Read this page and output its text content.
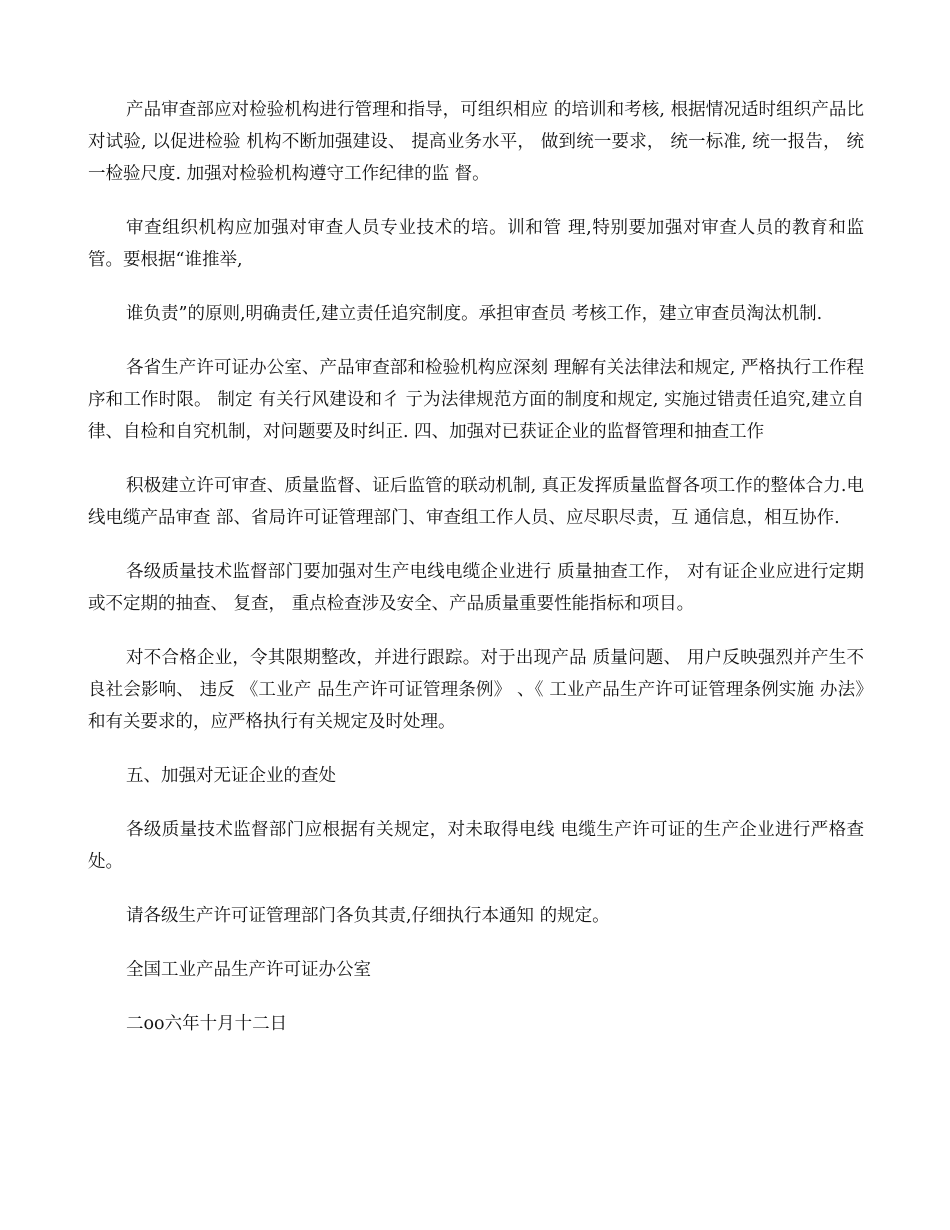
产品审查部应对检验机构进行管理和指导，可组织相应 的培训和考核, 根据情况适时组织产品比对试验, 以促进检验 机构不断加强建设、 提高业务水平， 做到统一要求， 统一标准, 统一报告， 统一检验尺度. 加强对检验机构遵守工作纪律的监 督。

审查组织机构应加强对审查人员专业技术的培。训和管 理,特别要加强对审查人员的教育和监管。要根据“谁推举,

谁负责”的原则,明确责任,建立责任追究制度。承担审查员 考核工作，建立审查员淘汰机制.

各省生产许可证办公室、产品审查部和检验机构应深刻 理解有关法律法和规定, 严格执行工作程序和工作时限。 制定 有关行风建设和彳 亍为法律规范方面的制度和规定, 实施过错责任追究,建立自律、自检和自究机制，对问题要及时纠正. 四、加强对已获证企业的监督管理和抽查工作

积极建立许可审查、质量监督、证后监管的联动机制, 真正发挥质量监督各项工作的整体合力.电线电缆产品审查 部、省局许可证管理部门、审查组工作人员、应尽职尽责，互 通信息，相互协作.

各级质量技术监督部门要加强对生产电线电缆企业进行 质量抽查工作， 对有证企业应进行定期或不定期的抽查、 复查， 重点检查涉及安全、产品质量重要性能指标和项目。

对不合格企业，令其限期整改，并进行跟踪。对于出现产品 质量问题、 用户反映强烈并产生不良社会影响、 违反 《工业产 品生产许可证管理条例》 、《 工业产品生产许可证管理条例实施 办法》和有关要求的，应严格执行有关规定及时处理。

五、加强对无证企业的查处

各级质量技术监督部门应根据有关规定，对未取得电线 电缆生产许可证的生产企业进行严格查处。

请各级生产许可证管理部门各负其责,仔细执行本通知 的规定。

全国工业产品生产许可证办公室

二oo六年十月十二日
